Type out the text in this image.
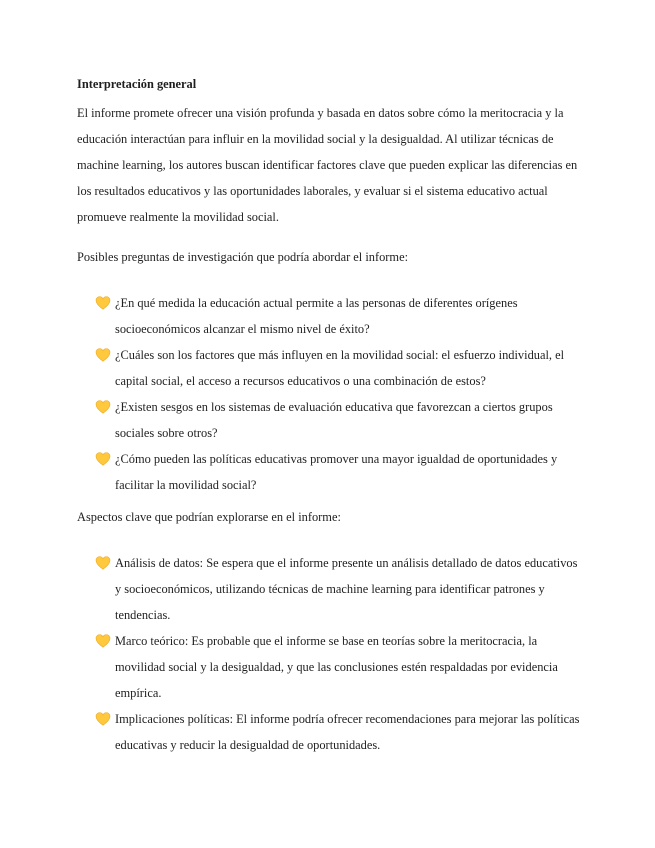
Interpretación general

El informe promete ofrecer una visión profunda y basada en datos sobre cómo la meritocracia y la educación interactúan para influir en la movilidad social y la desigualdad. Al utilizar técnicas de machine learning, los autores buscan identificar factores clave que pueden explicar las diferencias en los resultados educativos y las oportunidades laborales, y evaluar si el sistema educativo actual promueve realmente la movilidad social.

Posibles preguntas de investigación que podría abordar el informe:

¿En qué medida la educación actual permite a las personas de diferentes orígenes socioeconómicos alcanzar el mismo nivel de éxito?
¿Cuáles son los factores que más influyen en la movilidad social: el esfuerzo individual, el capital social, el acceso a recursos educativos o una combinación de estos?
¿Existen sesgos en los sistemas de evaluación educativa que favorezcan a ciertos grupos sociales sobre otros?
¿Cómo pueden las políticas educativas promover una mayor igualdad de oportunidades y facilitar la movilidad social?

Aspectos clave que podrían explorarse en el informe:

Análisis de datos: Se espera que el informe presente un análisis detallado de datos educativos y socioeconómicos, utilizando técnicas de machine learning para identificar patrones y tendencias.
Marco teórico: Es probable que el informe se base en teorías sobre la meritocracia, la movilidad social y la desigualdad, y que las conclusiones estén respaldadas por evidencia empírica.
Implicaciones políticas: El informe podría ofrecer recomendaciones para mejorar las políticas educativas y reducir la desigualdad de oportunidades.
